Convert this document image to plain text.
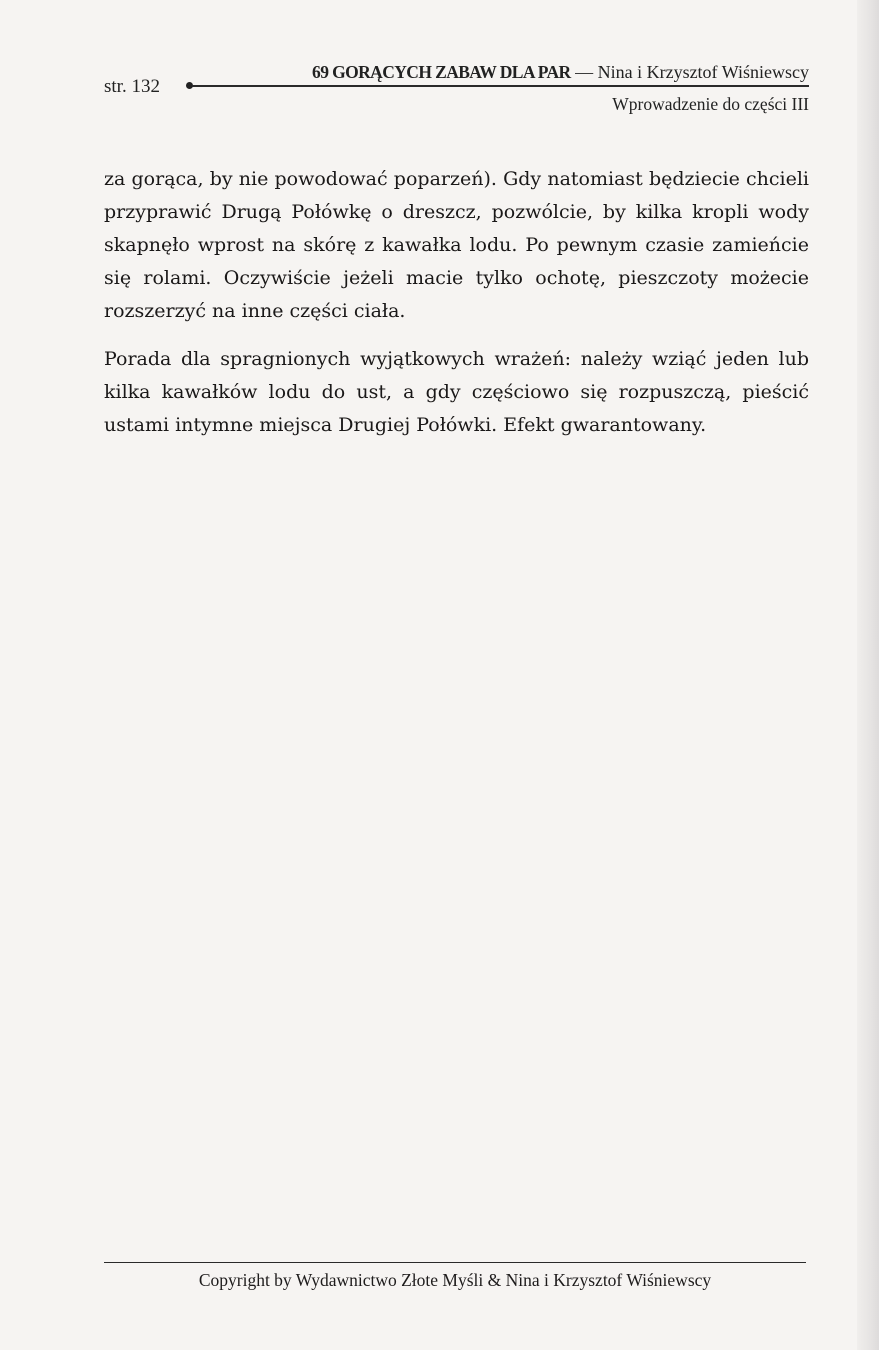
str. 132
69 GORĄCYCH ZABAW DLA PAR — Nina i Krzysztof Wiśniewscy
Wprowadzenie do części III

za gorąca, by nie powodować poparzeń). Gdy natomiast będziecie chcieli przyprawić Drugą Połówkę o dreszcz, pozwólcie, by kilka kropli wody skapnęło wprost na skórę z kawałka lodu. Po pewnym czasie zamieńcie się rolami. Oczywiście jeżeli macie tylko ochotę, pieszczoty możecie rozszerzyć na inne części ciała.

Porada dla spragnionych wyjątkowych wrażeń: należy wziąć jeden lub kilka kawałków lodu do ust, a gdy częściowo się rozpuszczą, pieścić ustami intymne miejsca Drugiej Połówki. Efekt gwarantowany.

Copyright by Wydawnictwo Złote Myśli & Nina i Krzysztof Wiśniewscy
